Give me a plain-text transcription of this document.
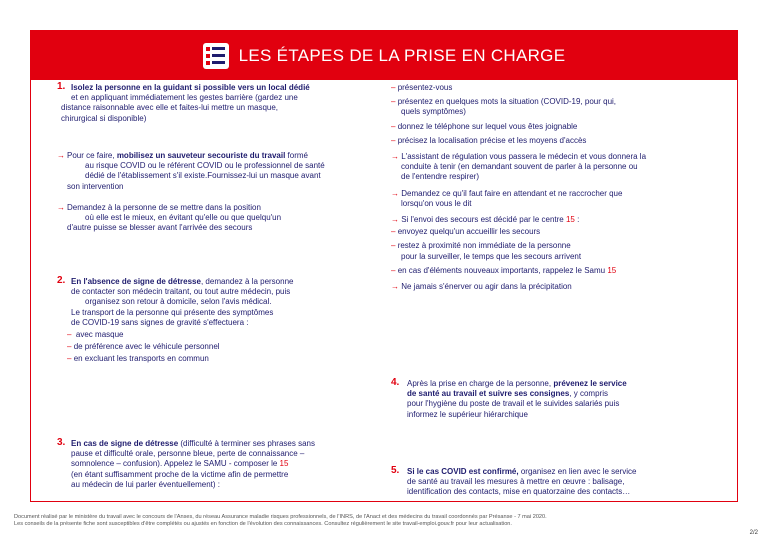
LES ÉTAPES DE LA PRISE EN CHARGE
1. Isolez la personne en la guidant si possible vers un local dédié

et en appliquant immédiatement les gestes barrière (gardez une

distance raisonnable avec elle et faites-lui mettre un masque,

chirurgical si disponible)

→ Pour ce faire, mobilisez un sauveteur secouriste du travail formé

au risque COVID ou le référent COVID ou le professionnel de santé

dédié de l'établissement s'il existe.Fournissez-lui un masque avant

son intervention

→ Demandez à la personne de se mettre dans la position

où elle est le mieux, en évitant qu'elle ou que quelqu'un

d'autre puisse se blesser avant l'arrivée des secours

2. En l'absence de signe de détresse, demandez à la personne

de contacter son médecin traitant, ou tout autre médecin, puis

organisez son retour à domicile, selon l'avis médical.

Le transport de la personne qui présente des symptômes

de COVID-19 sans signes de gravité s'effectuera :

– avec masque

– de préférence avec le véhicule personnel

– en excluant les transports en commun

3. En cas de signe de détresse (difficulté à terminer ses phrases sans

pause et difficulté orale, personne bleue, perte de connaissance –

somnolence – confusion). Appelez le SAMU - composer le 15

(en étant suffisamment proche de la victime afin de permettre

au médecin de lui parler éventuellement) :

– présentez-vous

– présentez en quelques mots la situation (COVID-19, pour qui,

quels symptômes)

– donnez le téléphone sur lequel vous êtes joignable

– précisez la localisation précise et les moyens d'accès

→ L'assistant de régulation vous passera le médecin et vous donnera la

conduite à tenir (en demandant souvent de parler à la personne ou

de l'entendre respirer)

→ Demandez ce qu'il faut faire en attendant et ne raccrocher que

lorsqu'on vous le dit

→ Si l'envoi des secours est décidé par le centre 15 :

– envoyez quelqu'un accueillir les secours

– restez à proximité non immédiate de la personne

pour la surveiller, le temps que les secours arrivent

– en cas d'éléments nouveaux importants, rappelez le Samu 15

→ Ne jamais s'énerver ou agir dans la précipitation

4. Après la prise en charge de la personne, prévenez le service

de santé au travail et suivre ses consignes, y compris

pour l'hygiène du poste de travail et le suivides salariés puis

informez le supérieur hiérarchique

5. Si le cas COVID est confirmé, organisez en lien avec le service

de santé au travail les mesures à mettre en œuvre : balisage,

identification des contacts, mise en quatorzaine des contacts…

Document réalisé par le ministère du travail avec le concours de l'Anses, du réseau Assurance maladie risques professionnels, de l'INRS, de l'Anact et des médecins du travail coordonnés par Présanse - 7 mai 2020.
Les conseils de la présente fiche sont susceptibles d'être complétés ou ajustés en fonction de l'évolution des connaissances. Consultez régulièrement le site travail-emploi.gouv.fr pour leur actualisation.
2/2
